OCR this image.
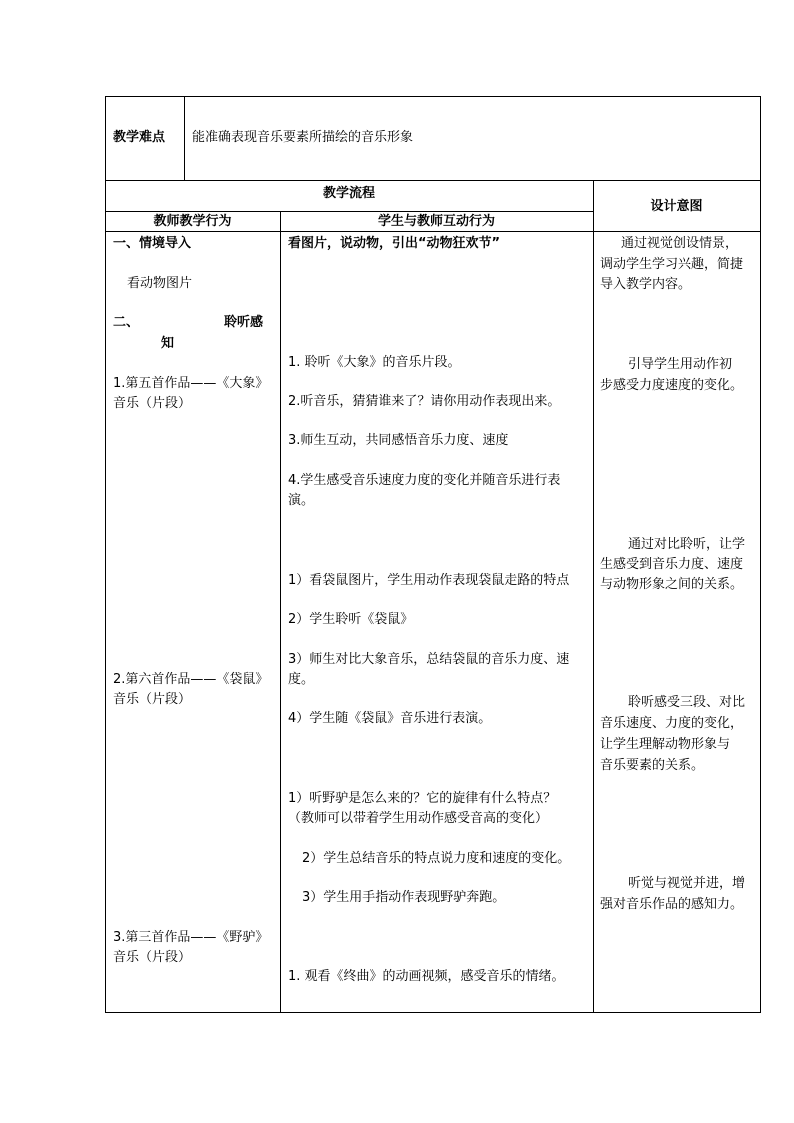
教学难点 能准确表现音乐要素所描绘的音乐形象
教学流程
设计意图
教师教学行为	学生与教师互动行为
一、情境导入
看动物图片
二、	聆听感
知
1.第五首作品——《大象》
音乐（片段）
2.第六首作品——《袋鼠》
音乐（片段）
3.第三首作品——《野驴》
音乐（片段）
看图片，说动物，引出“动物狂欢节”
1. 聆听《大象》的音乐片段。
2.听音乐，猜猜谁来了？请你用动作表现出来。
3.师生互动，共同感悟音乐力度、速度
4.学生感受音乐速度力度的变化并随音乐进行表
演。
1）看袋鼠图片，学生用动作表现袋鼠走路的特点
2）学生聆听《袋鼠》
3）师生对比大象音乐，总结袋鼠的音乐力度、速
度。
4）学生随《袋鼠》音乐进行表演。
1）听野驴是怎么来的？它的旋律有什么特点？
（教师可以带着学生用动作感受音高的变化）
2）学生总结音乐的特点说力度和速度的变化。
3）学生用手指动作表现野驴奔跑。
1. 观看《终曲》的动画视频，感受音乐的情绪。
通过视觉创设情景，
调动学生学习兴趣，简捷
导入教学内容。
引导学生用动作初
步感受力度速度的变化。
通过对比聆听，让学
生感受到音乐力度、速度
与动物形象之间的关系。
聆听感受三段、对比
音乐速度、力度的变化，
让学生理解动物形象与
音乐要素的关系。
听觉与视觉并进，增
强对音乐作品的感知力。
